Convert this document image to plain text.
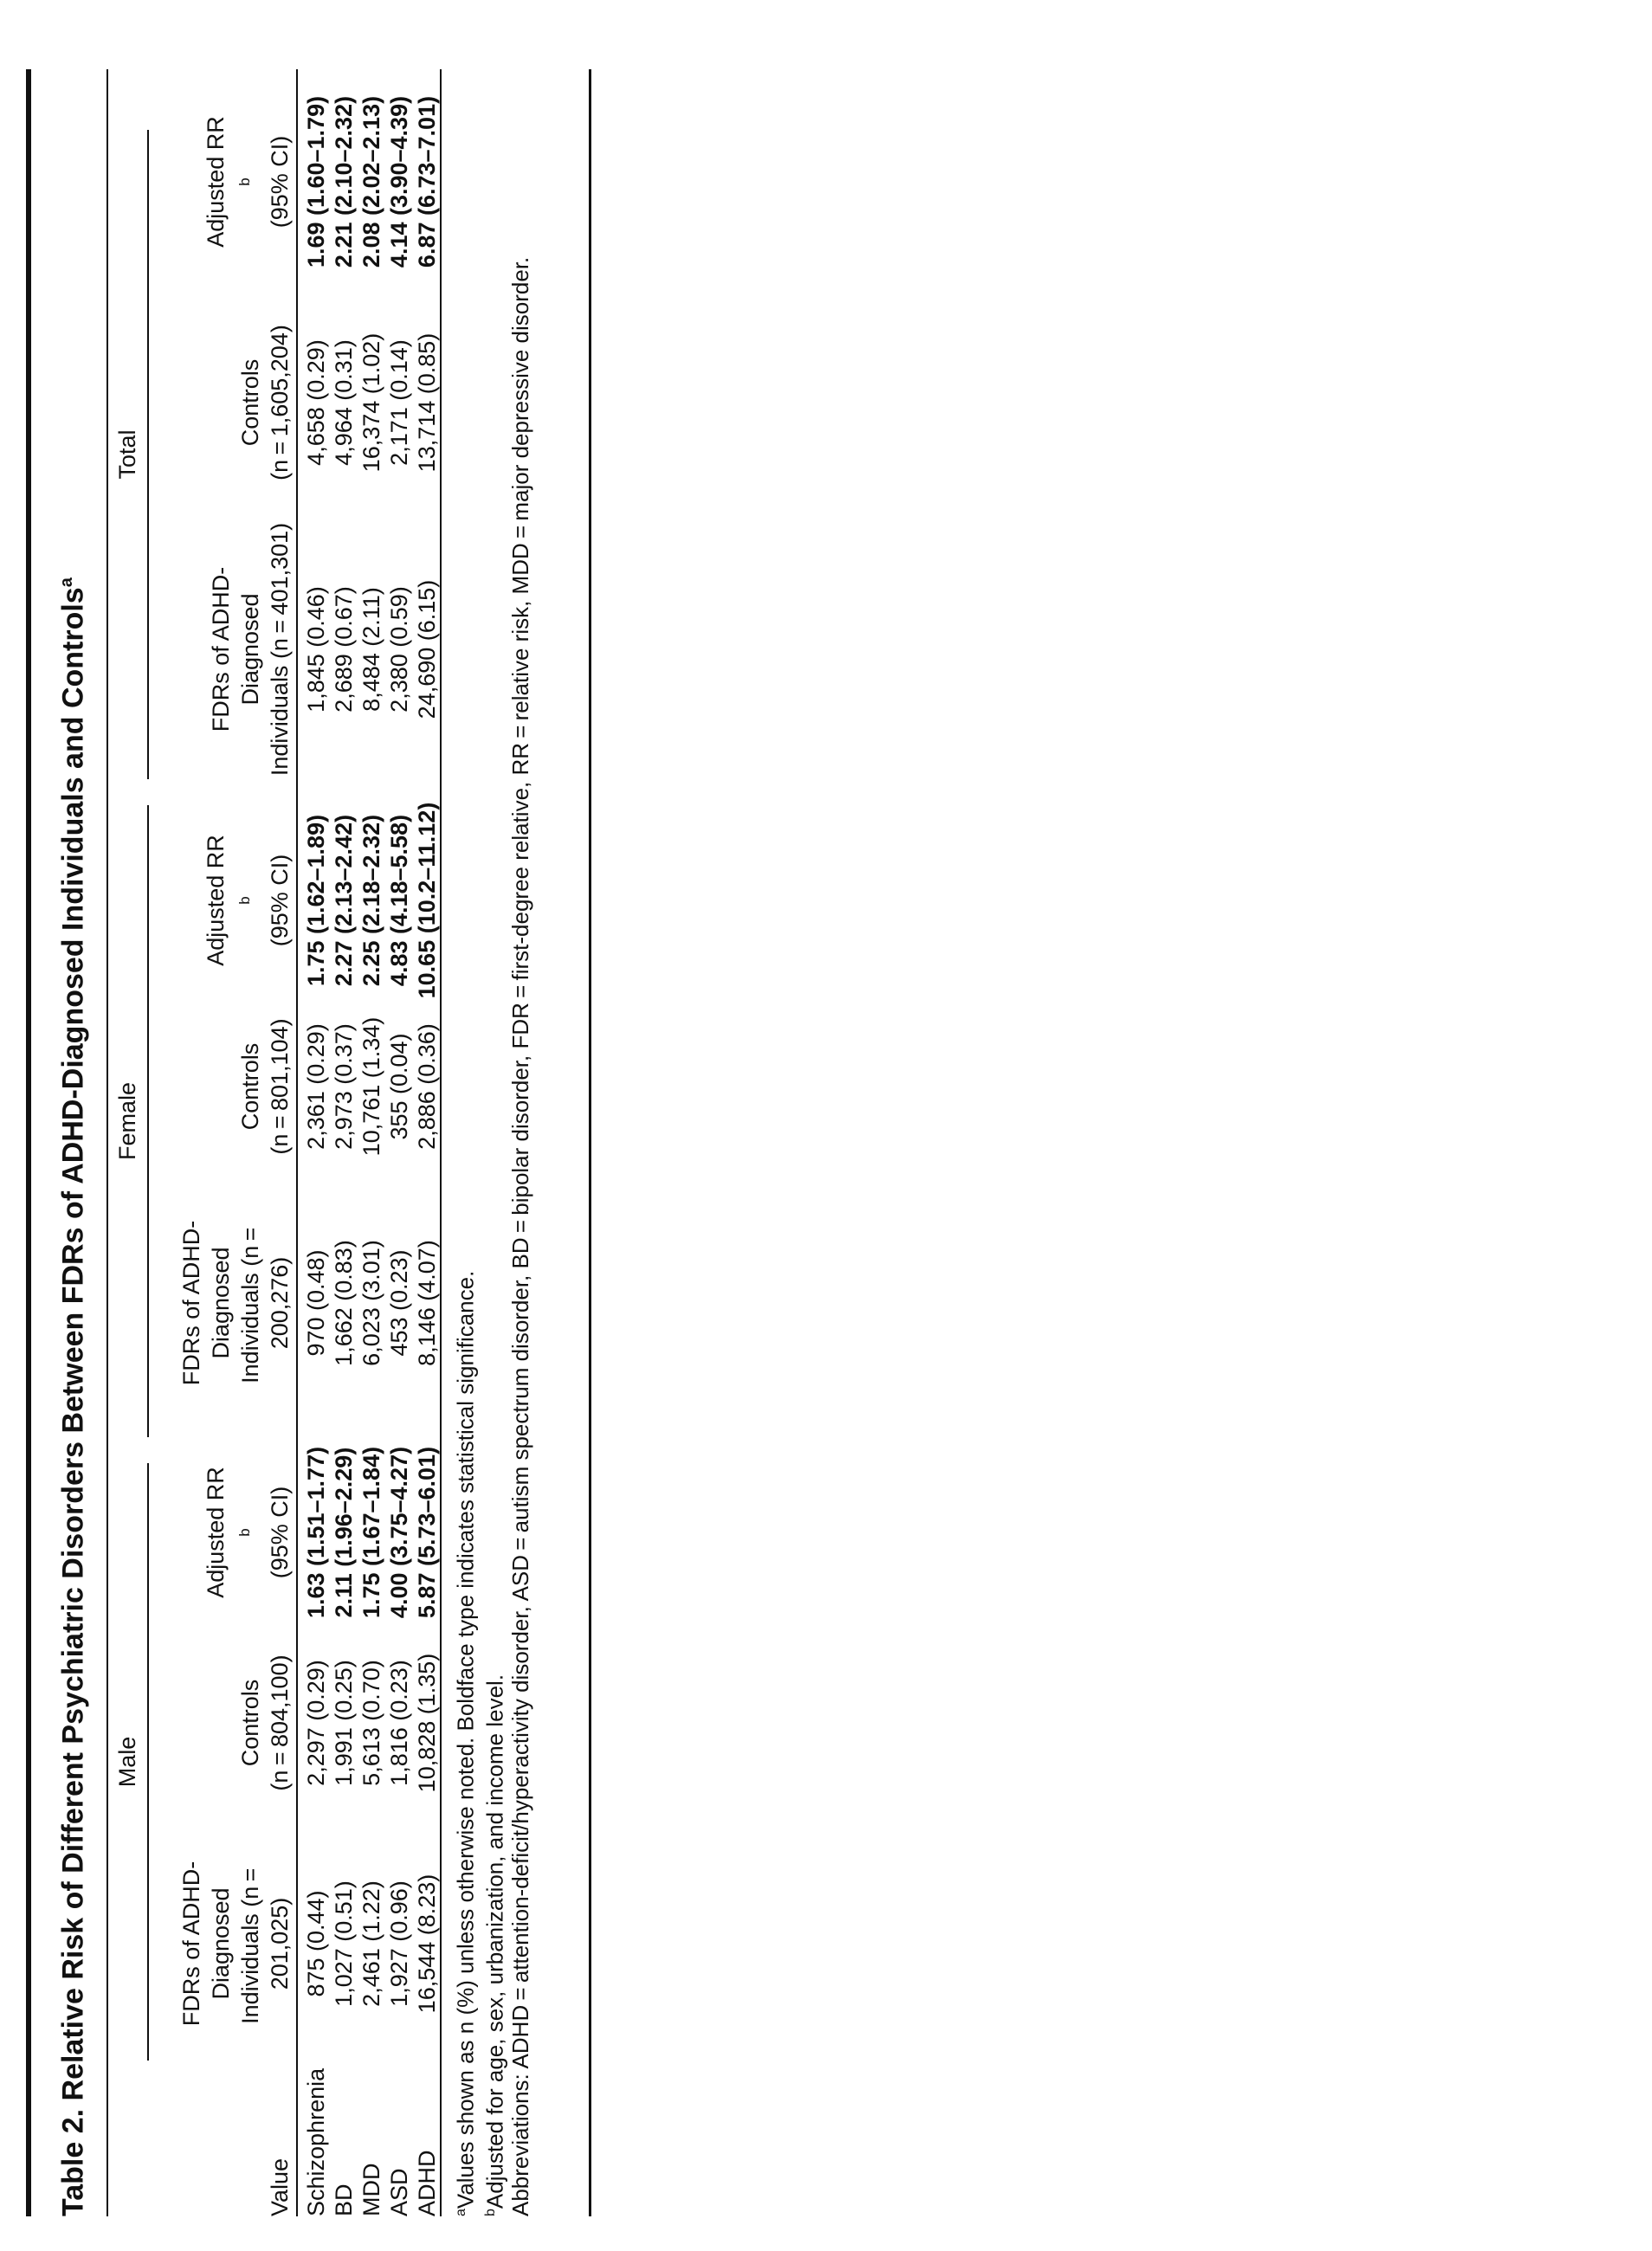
Table 2. Relative Risk of Different Psychiatric Disorders Between FDRs of ADHD-Diagnosed Individuals and Controls$^a$
Male
Female
Total
Value
FDRs of ADHD-Diagnosed Individuals (n = 201,025)
Controls (n = 804,100)
Adjusted RR $^b$ (95% CI)
FDRs of ADHD-Diagnosed Individuals (n = 200,276)
Controls (n = 801,104)
Adjusted RR $^b$ (95% CI)
FDRs of ADHD-Diagnosed Individuals (n = 401,301)
Controls (n = 1,605,204)
Adjusted RR $^b$ (95% CI)
Schizophrenia
875 (0.44)
2,297 (0.29)
1.63 (1.51–1.77)
970 (0.48)
2,361 (0.29)
1.75 (1.62–1.89)
1,845 (0.46)
4,658 (0.29)
1.69 (1.60–1.79)
BD
1,027 (0.51)
1,991 (0.25)
2.11 (1.96–2.29)
1,662 (0.83)
2,973 (0.37)
2.27 (2.13–2.42)
2,689 (0.67)
4,964 (0.31)
2.21 (2.10–2.32)
MDD
2,461 (1.22)
5,613 (0.70)
1.75 (1.67–1.84)
6,023 (3.01)
10,761 (1.34)
2.25 (2.18–2.32)
8,484 (2.11)
16,374 (1.02)
2.08 (2.02–2.13)
ASD
1,927 (0.96)
1,816 (0.23)
4.00 (3.75–4.27)
453 (0.23)
355 (0.04)
4.83 (4.18–5.58)
2,380 (0.59)
2,171 (0.14)
4.14 (3.90–4.39)
ADHD
16,544 (8.23)
10,828 (1.35)
5.87 (5.73–6.01)
8,146 (4.07)
2,886 (0.36)
10.65 (10.2–11.12)
24,690 (6.15)
13,714 (0.85)
6.87 (6.73–7.01)
$^a$Values shown as n (%) unless otherwise noted. Boldface type indicates statistical significance.
$^b$Adjusted for age, sex, urbanization, and income level. Abbreviations: ADHD = attention-deficit/hyperactivity disorder, ASD = autism spectrum disorder, BD = bipolar disorder, FDR = first-degree relative, RR = relative risk, MDD = major depressive disorder.
